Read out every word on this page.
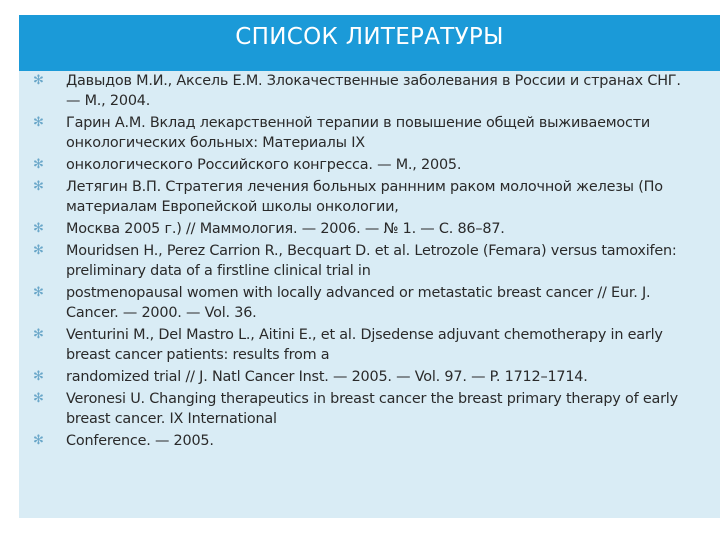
СПИСОК ЛИТЕРАТУРЫ
✻ Давыдов М.И., Аксель Е.М. Злокачественные заболевания в России и странах СНГ. — М., 2004.
✻ Гарин А.М. Вклад лекарственной терапии в повышение общей выживаемости онкологических больных: Материалы IX
✻ онкологического Российского конгресса. — М., 2005.
✻ Летягин В.П. Стратегия лечения больных раннним раком молочной железы (По материалам Европейской школы онкологии,
✻ Москва 2005 г.) // Маммология. — 2006. — № 1. — С. 86–87.
✻ Mouridsen H., Perez Carrion R., Becquart D. et al. Letrozole (Femara) versus tamoxifen: preliminary data of a firstline clinical trial in
✻ postmenopausal women with locally advanced or metastatic breast cancer // Eur. J. Cancer. — 2000. — Vol. 36.
✻ Venturini M., Del Mastro L., Aitini E., et al. Djsedense adjuvant chemotherapy in early breast cancer patients: results from a
✻ randomized trial // J. Natl Cancer Inst. — 2005. — Vol. 97. — P. 1712–1714.
✻ Veronesi U. Changing therapeutics in breast cancer the breast primary therapy of early breast cancer. IX International
✻ Conference. — 2005.
